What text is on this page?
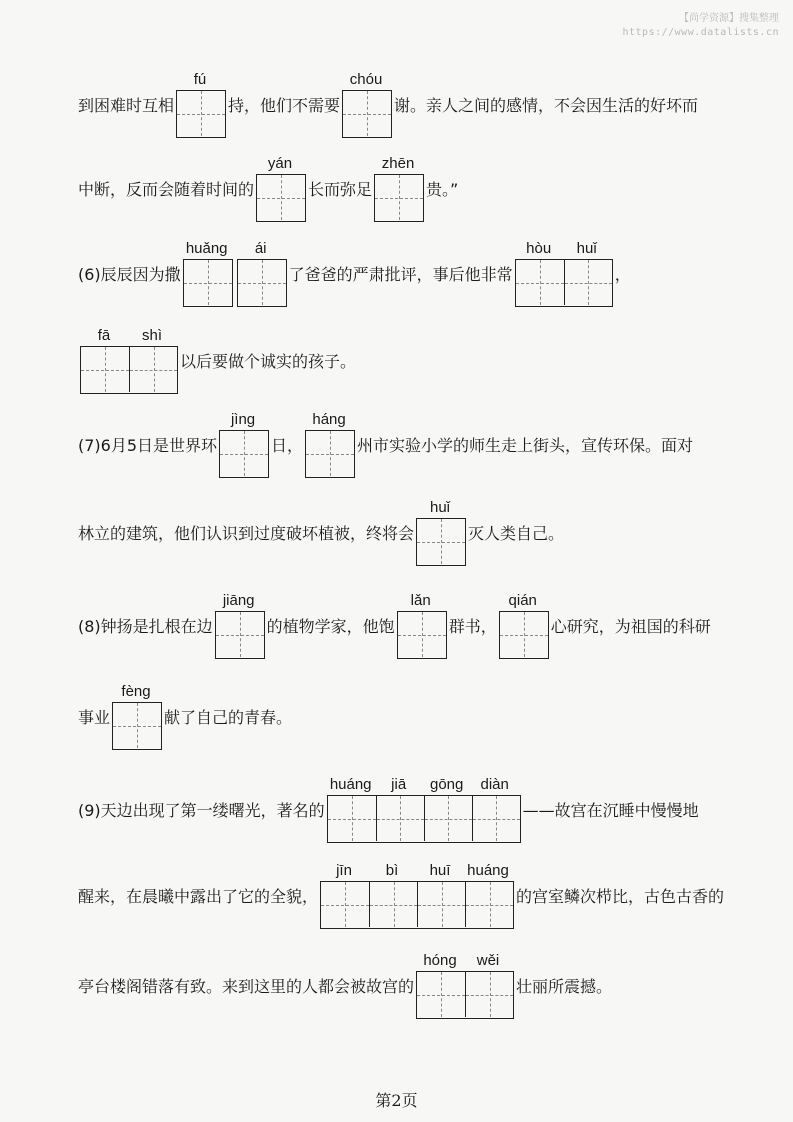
【尚学资源】搜集整理
https://www.datalists.cn
到困难时互相
fú
持，他们不需要
chóu
谢。亲人之间的感情，不会因生活的好坏而
中断，反而会随着时间的
yán
长而弥足
zhēn
贵。”
(6)辰辰因为撒
huǎng	ái
了爸爸的严肃批评，事后他非常
hòu	huǐ
，
fā	shì
以后要做个诚实的孩子。
(7)6月5日是世界环
jìng
日，
háng
州市实验小学的师生走上街头，宣传环保。面对
林立的建筑，他们认识到过度破坏植被，终将会
huǐ
灭人类自己。
(8)钟扬是扎根在边
jiāng
的植物学家，他饱
lǎn
群书，
qián
心研究，为祖国的科研
事业
fèng
献了自己的青春。
(9)天边出现了第一缕曙光，著名的
huáng	jiā	gōng	diàn
——故宫在沉睡中慢慢地
醒来，在晨曦中露出了它的全貌，
jīn	bì	huī	huáng
的宫室鳞次栉比，古色古香的
亭台楼阁错落有致。来到这里的人都会被故宫的
hóng	wěi
壮丽所震撼。
第2页
